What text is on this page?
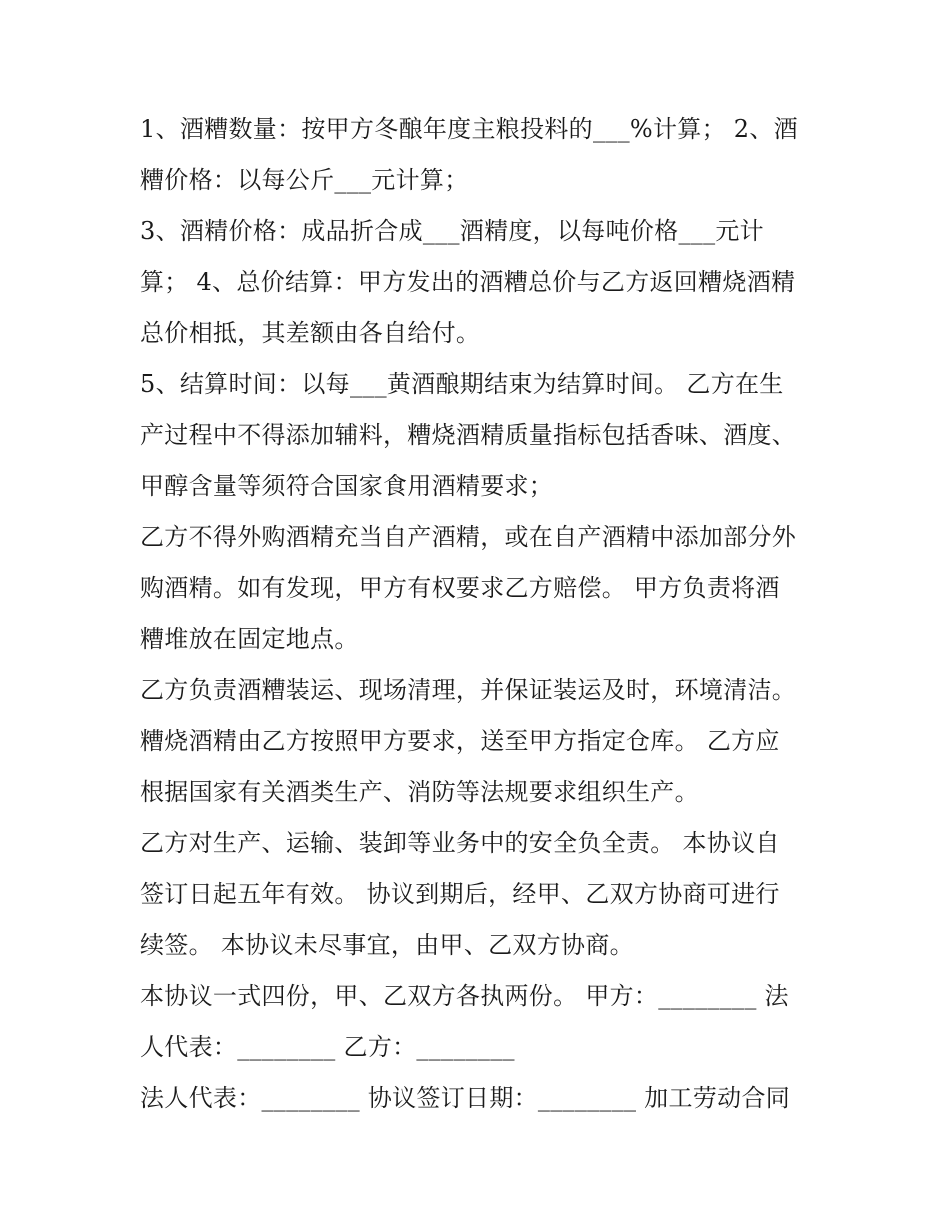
1、酒糟数量：按甲方冬酿年度主粮投料的___%计算； 2、酒
糟价格：以每公斤___元计算；
3、酒精价格：成品折合成___酒精度，以每吨价格___元计
算； 4、总价结算：甲方发出的酒糟总价与乙方返回糟烧酒精
总价相抵，其差额由各自给付。
5、结算时间：以每___黄酒酿期结束为结算时间。 乙方在生
产过程中不得添加辅料，糟烧酒精质量指标包括香味、酒度、
甲醇含量等须符合国家食用酒精要求；
乙方不得外购酒精充当自产酒精，或在自产酒精中添加部分外
购酒精。如有发现，甲方有权要求乙方赔偿。 甲方负责将酒
糟堆放在固定地点。
乙方负责酒糟装运、现场清理，并保证装运及时，环境清洁。
糟烧酒精由乙方按照甲方要求，送至甲方指定仓库。 乙方应
根据国家有关酒类生产、消防等法规要求组织生产。
乙方对生产、运输、装卸等业务中的安全负全责。 本协议自
签订日起五年有效。 协议到期后，经甲、乙双方协商可进行
续签。 本协议未尽事宜，由甲、乙双方协商。
本协议一式四份，甲、乙双方各执两份。 甲方：________ 法
人代表：________ 乙方：________
法人代表：________ 协议签订日期：________ 加工劳动合同
